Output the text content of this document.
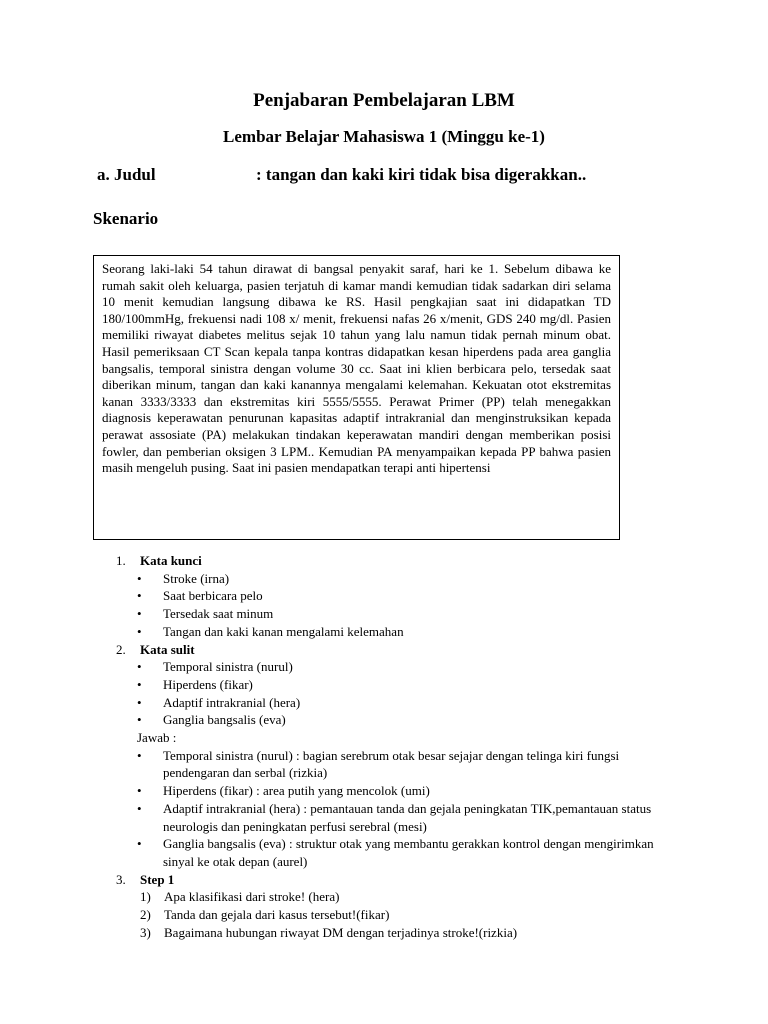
Penjabaran Pembelajaran LBM
Lembar Belajar Mahasiswa 1 (Minggu ke-1)
a. Judul	: tangan dan kaki kiri tidak bisa digerakkan..
Skenario
Seorang laki-laki 54 tahun dirawat di bangsal penyakit saraf, hari ke 1. Sebelum dibawa ke rumah sakit oleh keluarga, pasien terjatuh di kamar mandi kemudian tidak sadarkan diri selama 10 menit kemudian langsung dibawa ke RS. Hasil pengkajian saat ini didapatkan TD 180/100mmHg, frekuensi nadi 108 x/ menit, frekuensi nafas 26 x/menit, GDS 240 mg/dl. Pasien memiliki riwayat diabetes melitus sejak 10 tahun yang lalu namun tidak pernah minum obat. Hasil pemeriksaan CT Scan kepala tanpa kontras didapatkan kesan hiperdens pada area ganglia bangsalis, temporal sinistra dengan volume 30 cc. Saat ini klien berbicara pelo, tersedak saat diberikan minum, tangan dan kaki kanannya mengalami kelemahan. Kekuatan otot ekstremitas kanan 3333/3333 dan ekstremitas kiri 5555/5555. Perawat Primer (PP) telah menegakkan diagnosis keperawatan penurunan kapasitas adaptif intrakranial dan menginstruksikan kepada perawat assosiate (PA) melakukan tindakan keperawatan mandiri dengan memberikan posisi fowler, dan pemberian oksigen 3 LPM.. Kemudian PA menyampaikan kepada PP bahwa pasien masih mengeluh pusing. Saat ini pasien mendapatkan terapi anti hipertensi
1. Kata kunci
• Stroke (irna)
• Saat berbicara pelo
• Tersedak saat minum
• Tangan dan kaki kanan mengalami kelemahan
2. Kata sulit
• Temporal sinistra (nurul)
• Hiperdens (fikar)
• Adaptif intrakranial (hera)
• Ganglia bangsalis (eva)
Jawab :
• Temporal sinistra (nurul) : bagian serebrum otak besar sejajar dengan telinga kiri fungsi pendengaran dan serbal (rizkia)
• Hiperdens (fikar) : area putih yang mencolok (umi)
• Adaptif intrakranial (hera) : pemantauan tanda dan gejala peningkatan TIK,pemantauan status neurologis dan peningkatan perfusi serebral (mesi)
• Ganglia bangsalis (eva) : struktur otak yang membantu gerakkan kontrol dengan mengirimkan sinyal ke otak depan (aurel)
3. Step 1
1) Apa klasifikasi dari stroke! (hera)
2) Tanda dan gejala dari kasus tersebut!(fikar)
3) Bagaimana hubungan riwayat DM dengan terjadinya stroke!(rizkia)
